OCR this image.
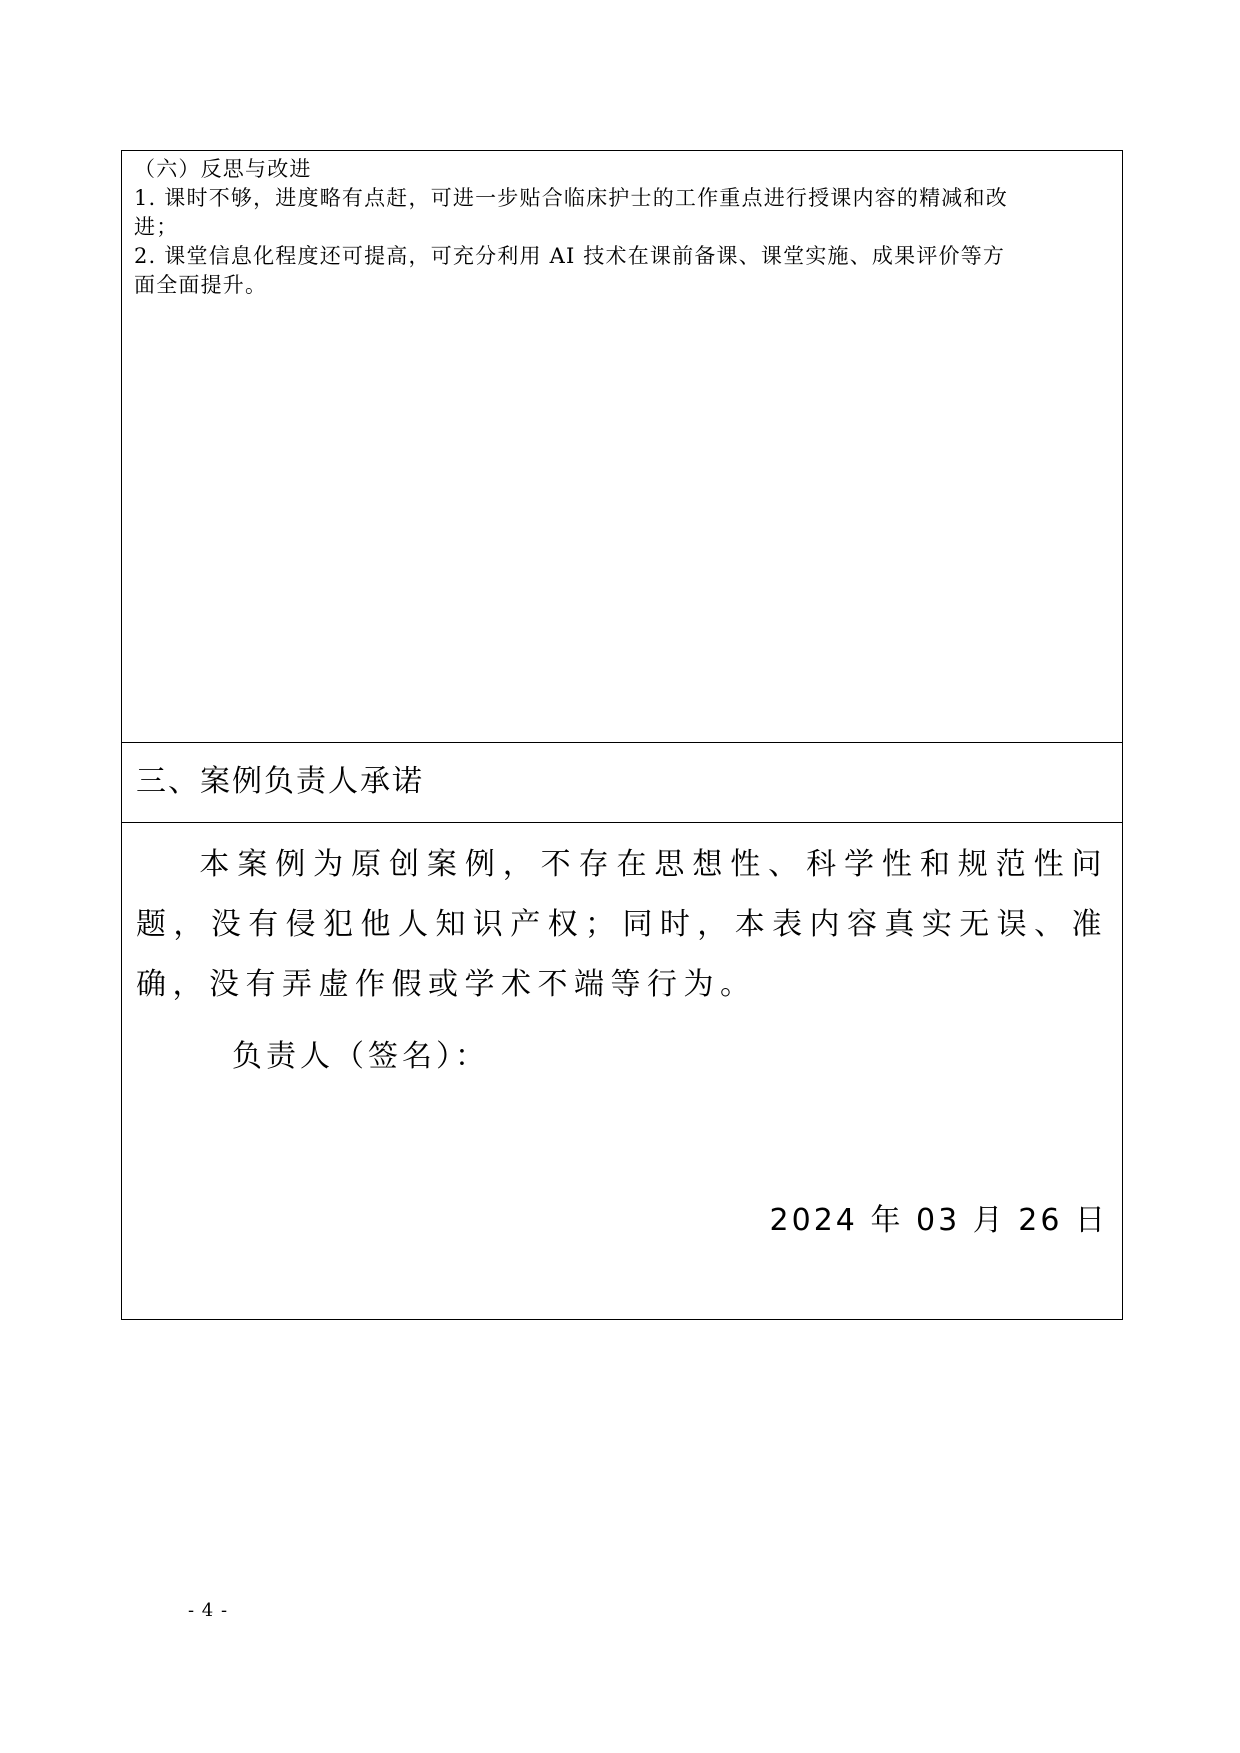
（六）反思与改进
1. 课时不够，进度略有点赶，可进一步贴合临床护士的工作重点进行授课内容的精减和改
进；
2. 课堂信息化程度还可提高，可充分利用 AI 技术在课前备课、课堂实施、成果评价等方
面全面提升。
三、案例负责人承诺
本案例为原创案例，不存在思想性、科学性和规范性问题，没有侵犯他人知识产权；同时，本表内容真实无误、准确，没有弄虚作假或学术不端等行为。
负责人（签名）：
2024 年 03 月 26 日
- 4 -
